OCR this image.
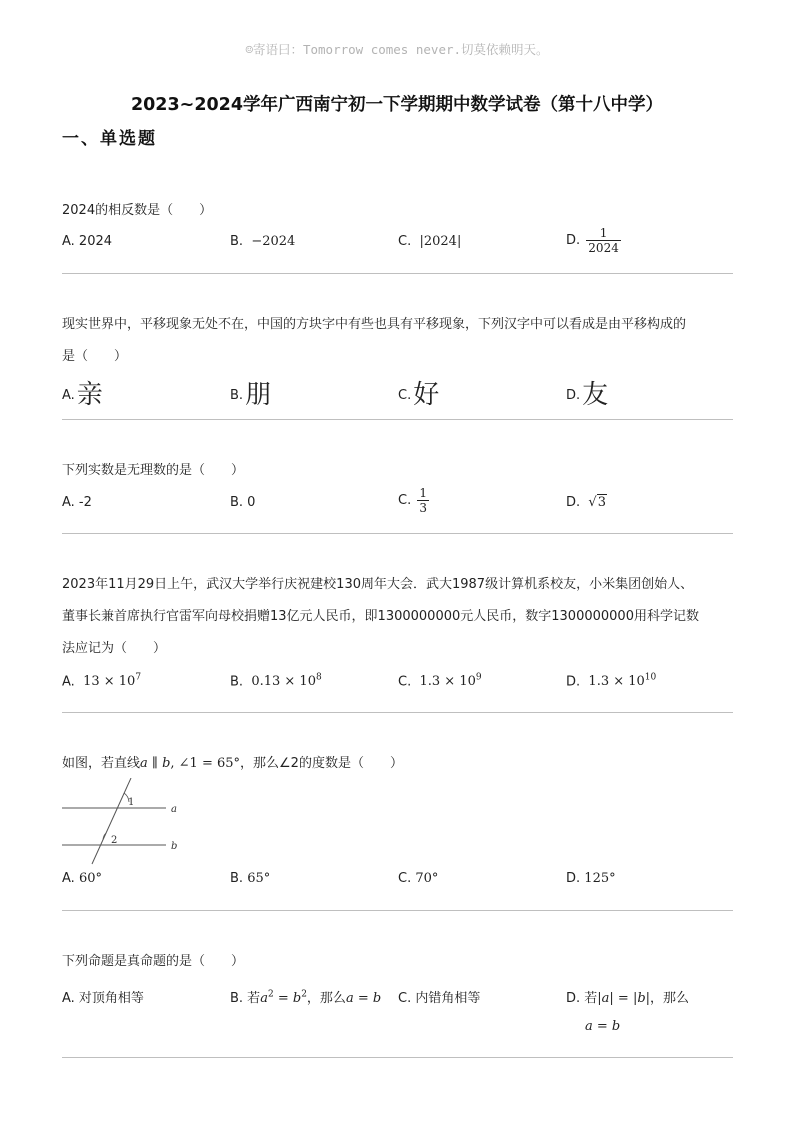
☺寄语曰：Tomorrow comes never.切莫依赖明天。
2023~2024学年广西南宁初一下学期期中数学试卷（第十八中学）
一、单选题
2024的相反数是（　　）
A. 2024	B. −2024	C. |2024|	D. $\frac{1}{2024}$
现实世界中，平移现象无处不在，中国的方块字中有些也具有平移现象，下列汉字中可以看成是由平移构成的
是（　　）
A.亲	B.朋	C.好	D.友
下列实数是无理数的是（　　）
A. -2	B. 0	C. $\frac{1}{3}$	D. √3
2023年11月29日上午，武汉大学举行庆祝建校130周年大会．武大1987级计算机系校友，小米集团创始人、
董事长兼首席执行官雷军向母校捐赠13亿元人民币，即1300000000元人民币，数字1300000000用科学记数
法应记为（　　）
A. $13 \times 10^7$	B. $0.13 \times 10^8$	C. $1.3 \times 10^9$	D. $1.3 \times 10^{10}$
如图，若直线a ∥ b, ∠1 = 65°，那么∠2的度数是（　　）
1
2
a
b
A. 60°	B. 65°	C. 70°	D. 125°
下列命题是真命题的是（　　）
A. 对顶角相等	B. 若$a^2 = b^2$，那么a = b C. 内错角相等	D. 若|a| = |b|，那么
a = b
